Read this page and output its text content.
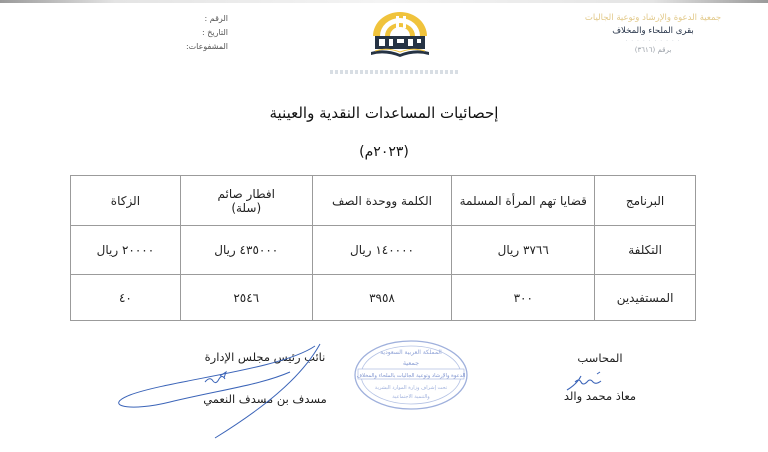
الرقم :
التاريخ :
المشفوعات:
جمعية الدعوة والإرشاد وتوعية الجاليات
بقرى الملحاء والمخلاف
· · · · · · · · · ·
برقم (٣٦١٦)
إحصائيات المساعدات النقدية والعينية
(٢٠٢٣م)
البرنامج	قضايا تهم المرأة المسلمة	الكلمة ووحدة الصف	افطار صائم
(سلة)	الزكاة
التكلفة	٣٧٦٦ ريال	١٤٠٠٠٠ ريال	٤٣٥٠٠٠ ريال	٢٠٠٠٠ ريال
المستفيدين	٣٠٠	٣٩٥٨	٢٥٤٦	٤٠
المحاسب
معاذ محمد والد
المملكة العربية السعودية
جمعية
الدعوة والإرشاد وتوعية الجاليات بالملحاء والمخلاف
تحت إشراف وزارة الموارد البشرية
والتنمية الاجتماعية
نائب رئيس مجلس الإدارة
مسدف بن مسدف النعمي
